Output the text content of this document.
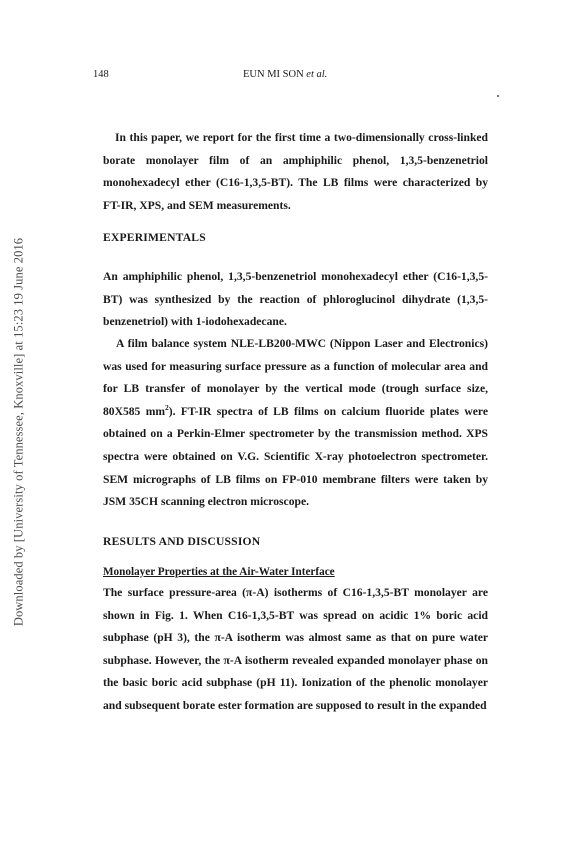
Downloaded by [University of Tennessee, Knoxville] at 15:23 19 June 2016
148	EUN MI SON et al.
In this paper, we report for the first time a two-dimensionally cross-linked borate monolayer film of an amphiphilic phenol, 1,3,5-benzenetriol monohexadecyl ether (C16-1,3,5-BT). The LB films were characterized by FT-IR, XPS, and SEM measurements.
EXPERIMENTALS
An amphiphilic phenol, 1,3,5-benzenetriol monohexadecyl ether (C16-1,3,5-BT) was synthesized by the reaction of phloroglucinol dihydrate (1,3,5-benzenetriol) with 1-iodohexadecane.
A film balance system NLE-LB200-MWC (Nippon Laser and Electronics) was used for measuring surface pressure as a function of molecular area and for LB transfer of monolayer by the vertical mode (trough surface size, 80X585 $mm^2$). FT-IR spectra of LB films on calcium fluoride plates were obtained on a Perkin-Elmer spectrometer by the transmission method. XPS spectra were obtained on V.G. Scientific X-ray photoelectron spectrometer. SEM micrographs of LB films on FP-010 membrane filters were taken by JSM 35CH scanning electron microscope.
RESULTS AND DISCUSSION
Monolayer Properties at the Air-Water Interface
The surface pressure-area (π-A) isotherms of C16-1,3,5-BT monolayer are shown in Fig. 1. When C16-1,3,5-BT was spread on acidic 1% boric acid subphase (pH 3), the π-A isotherm was almost same as that on pure water subphase. However, the π-A isotherm revealed expanded monolayer phase on the basic boric acid subphase (pH 11). Ionization of the phenolic monolayer and subsequent borate ester formation are supposed to result in the expanded
